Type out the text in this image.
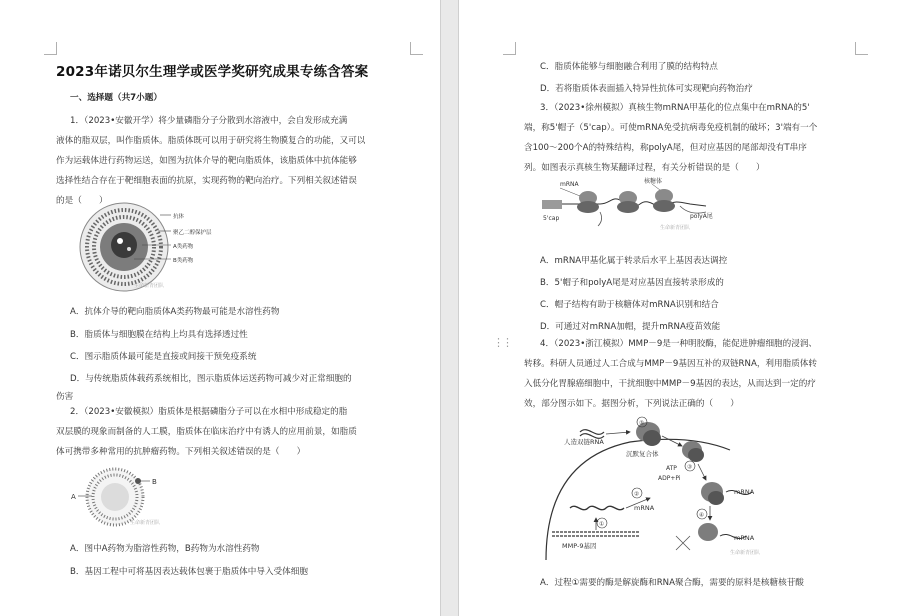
2023年诺贝尔生理学或医学奖研究成果专练含答案
一、选择题（共7小题）
1．（2023•安徽开学）将少量磷脂分子分散到水溶液中，会自发形成充满
液体的脂双层，叫作脂质体。脂质体既可以用于研究将生物膜复合的功能，又可以
作为运载体进行药物运送，如图为抗体介导的靶向脂质体，该脂质体中抗体能够
选择性结合存在于靶细胞表面的抗原，实现药物的靶向治疗。下列相关叙述错误
的是（　　）
抗体
聚乙二醇保护层
A类药物
B类药物
生命新青团队
A．抗体介导的靶向脂质体A类药物最可能是水溶性药物
B．脂质体与细胞膜在结构上均具有选择透过性
C．图示脂质体最可能是直接或间接干预免疫系统
D．与传统脂质体载药系统相比，图示脂质体运送药物可减少对正常细胞的
伤害
2．（2023•安徽模拟）脂质体是根据磷脂分子可以在水相中形成稳定的脂
双层膜的现象而制备的人工膜，脂质体在临床治疗中有诱人的应用前景，如脂质
体可携带多种常用的抗肿瘤药物。下列相关叙述错误的是（　　）
B
A
生命新青团队
A．图中A药物为脂溶性药物，B药物为水溶性药物
B．基因工程中可将基因表达载体包裹于脂质体中导入受体细胞
C．脂质体能够与细胞融合利用了膜的结构特点
D．若将脂质体表面插入特异性抗体可实现靶向药物治疗
3．（2023•徐州模拟）真核生物mRNA甲基化的位点集中在mRNA的5'
端，称5'帽子（5'cap）。可使mRNA免受抗病毒免疫机制的破坏；3'端有一个
含100～200个A的特殊结构，称polyA尾，但对应基因的尾部却没有T串序
列。如图表示真核生物某翻译过程，有关分析错误的是（　　）
mRNA	核糖体
5'cap	polyA尾
生命新青团队
A．mRNA甲基化属于转录后水平上基因表达调控
B．5'帽子和polyA尾是对应基因直接转录形成的
C．帽子结构有助于核糖体对mRNA识别和结合
D．可通过对mRNA加帽，提升mRNA疫苗效能
⋮⋮	4．（2023•浙江模拟）MMP－9是一种明胶酶，能促进肿瘤细胞的浸润、
转移。科研人员通过人工合成与MMP－9基因互补的双链RNA，利用脂质体转
入低分化胃腺癌细胞中，干扰细胞中MMP－9基因的表达，从而达到一定的疗
效，部分图示如下。据图分析，下列说法正确的（　　）
人造双链RNA
沉默复合体
ATP
ADP+Pi
mRNA
mRNA
mRNA
MMP-9基因
⑤
②
③
④
①
生命新青团队
A．过程①需要的酶是解旋酶和RNA聚合酶，需要的原料是核糖核苷酸
